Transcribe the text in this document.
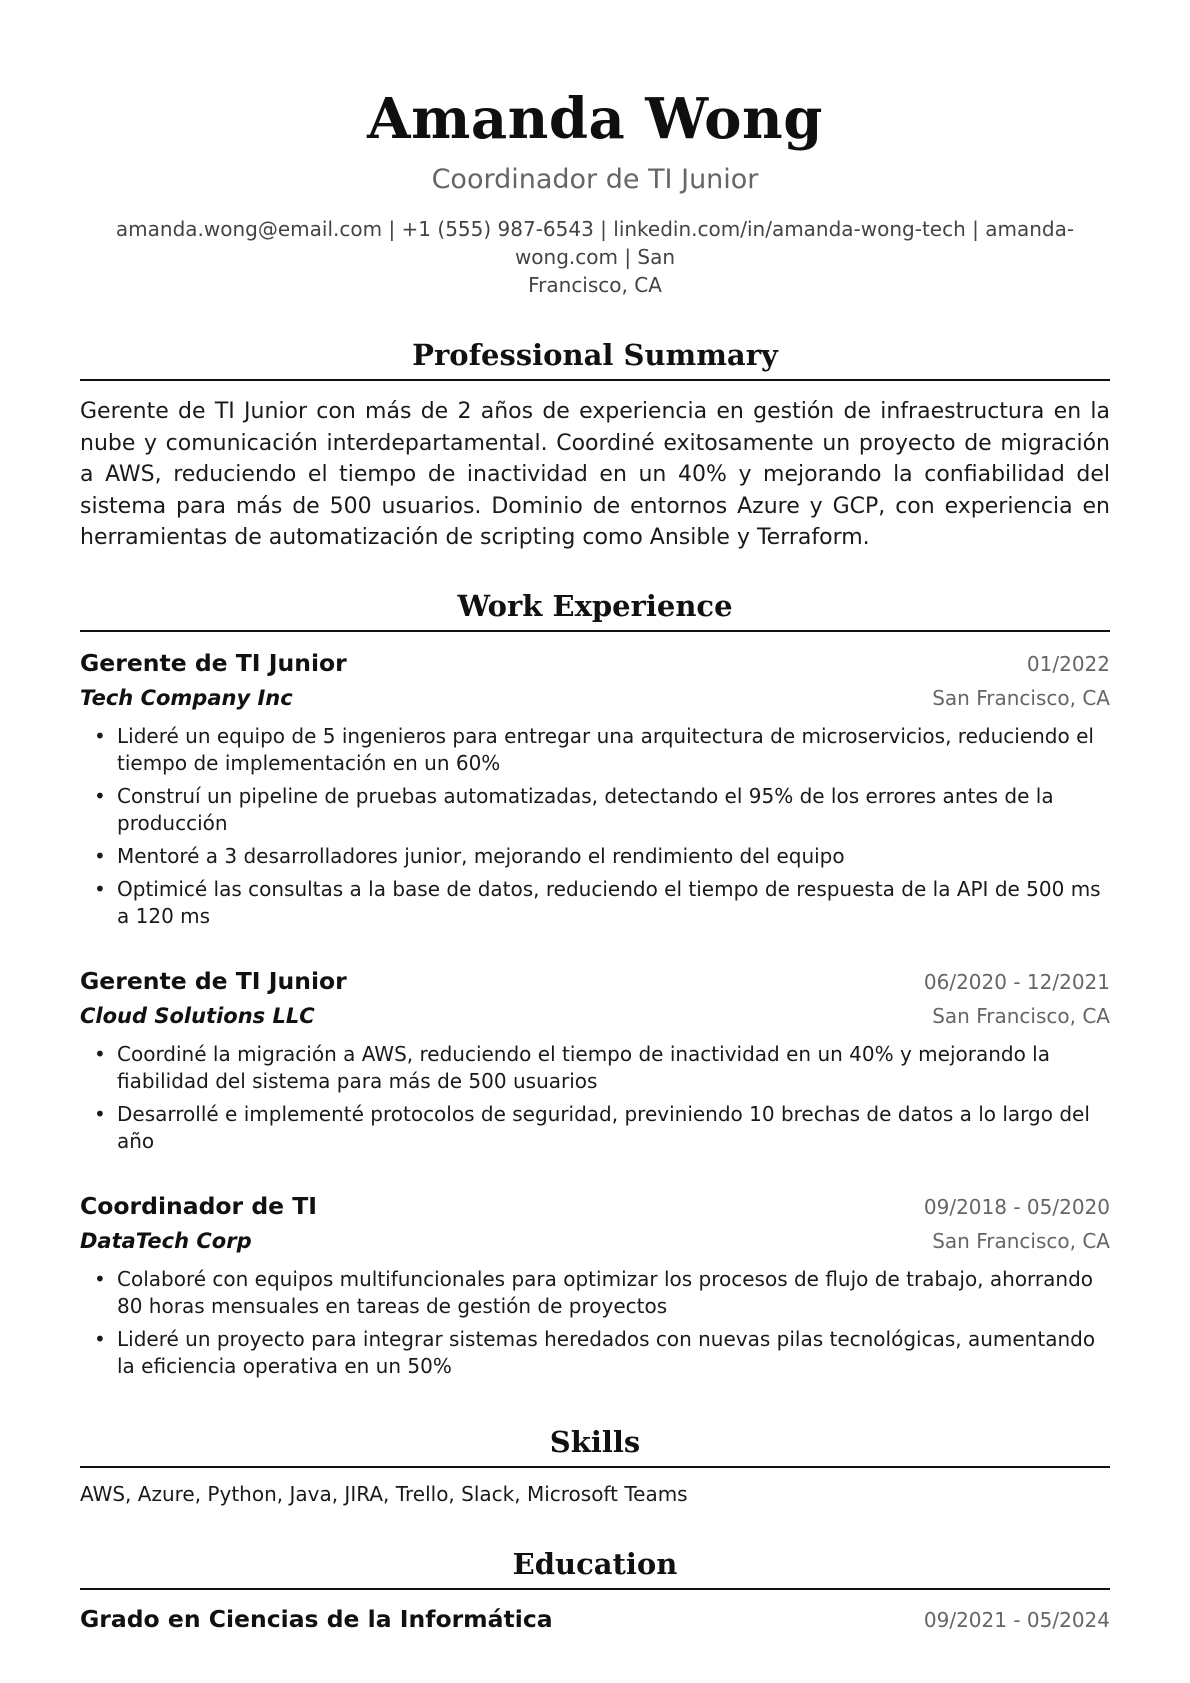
Amanda Wong
Coordinador de TI Junior
amanda.wong@email.com | +1 (555) 987-6543 | linkedin.com/in/amanda-wong-tech | amanda-wong.com | San
Francisco, CA
Professional Summary

Gerente de TI Junior con más de 2 años de experiencia en gestión de infraestructura en la nube y comunicación interdepartamental. Coordiné exitosamente un proyecto de migración a AWS, reduciendo el tiempo de inactividad en un 40% y mejorando la confiabilidad del sistema para más de 500 usuarios. Dominio de entornos Azure y GCP, con experiencia en herramientas de automatización de scripting como Ansible y Terraform.

Work Experience
Gerente de TI Junior	01/2022
Tech Company Inc	San Francisco, CA
• Lideré un equipo de 5 ingenieros para entregar una arquitectura de microservicios, reduciendo el tiempo de implementación en un 60%
• Construí un pipeline de pruebas automatizadas, detectando el 95% de los errores antes de la producción
• Mentoré a 3 desarrolladores junior, mejorando el rendimiento del equipo
• Optimicé las consultas a la base de datos, reduciendo el tiempo de respuesta de la API de 500 ms a 120 ms
Gerente de TI Junior	06/2020 - 12/2021
Cloud Solutions LLC	San Francisco, CA
• Coordiné la migración a AWS, reduciendo el tiempo de inactividad en un 40% y mejorando la fiabilidad del sistema para más de 500 usuarios
• Desarrollé e implementé protocolos de seguridad, previniendo 10 brechas de datos a lo largo del año
Coordinador de TI	09/2018 - 05/2020
DataTech Corp	San Francisco, CA
• Colaboré con equipos multifuncionales para optimizar los procesos de flujo de trabajo, ahorrando 80 horas mensuales en tareas de gestión de proyectos
• Lideré un proyecto para integrar sistemas heredados con nuevas pilas tecnológicas, aumentando la eficiencia operativa en un 50%
Skills
AWS, Azure, Python, Java, JIRA, Trello, Slack, Microsoft Teams
Education
Grado en Ciencias de la Informática	09/2021 - 05/2024
